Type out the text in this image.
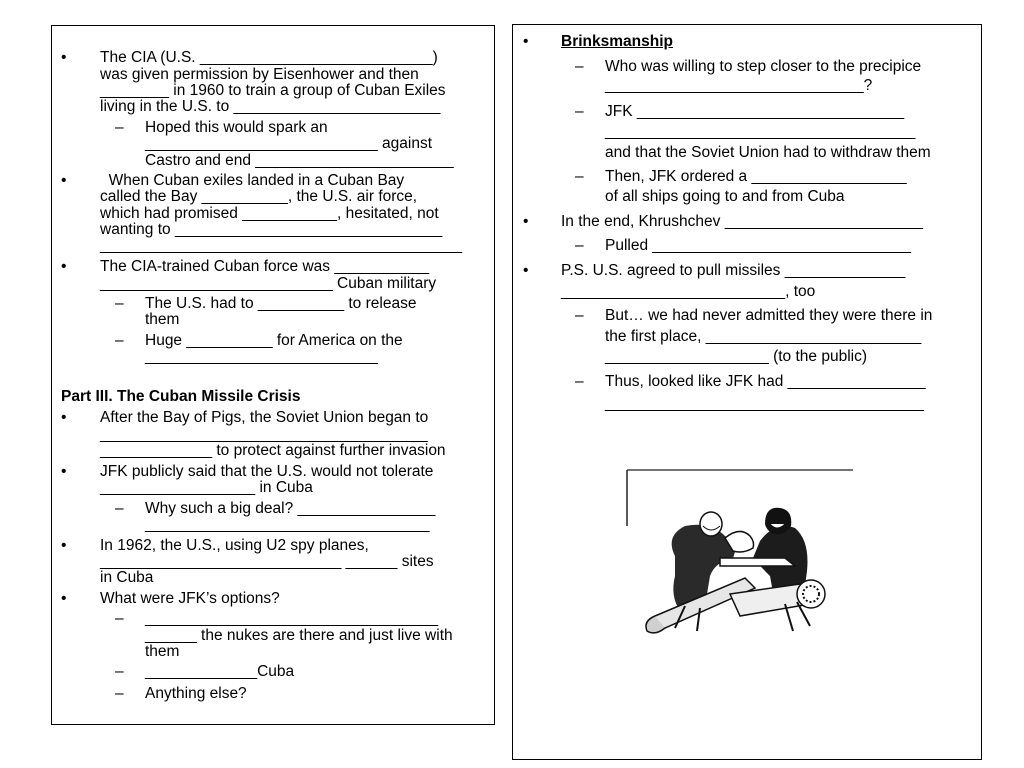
• The CIA (U.S. ___________________________)
was given permission by Eisenhower and then
________ in 1960 to train a group of Cuban Exiles
living in the U.S. to ________________________
– Hoped this would spark an
___________________________ against
Castro and end _______________________
• When Cuban exiles landed in a Cuban Bay
called the Bay __________, the U.S. air force,
which had promised ___________, hesitated, not
wanting to _______________________________
__________________________________________
• The CIA-trained Cuban force was ___________
___________________________ Cuban military
– The U.S. had to __________ to release
them
– Huge __________ for America on the
___________________________
Part III. The Cuban Missile Crisis
• After the Bay of Pigs, the Soviet Union began to
______________________________________
_____________ to protect against further invasion
• JFK publicly said that the U.S. would not tolerate
__________________ in Cuba
– Why such a big deal? ________________
_________________________________
• In 1962, the U.S., using U2 spy planes,
____________________________ ______ sites
in Cuba
• What were JFK’s options?
– __________________________________
______ the nukes are there and just live with
them
– _____________Cuba
– Anything else?
• Brinksmanship
– Who was willing to step closer to the precipice
______________________________?
– JFK _______________________________
____________________________________
and that the Soviet Union had to withdraw them
– Then, JFK ordered a __________________
of all ships going to and from Cuba
• In the end, Khrushchev _______________________
– Pulled ______________________________
• P.S. U.S. agreed to pull missiles ______________
__________________________, too
– But… we had never admitted they were there in
the first place, _________________________
___________________ (to the public)
– Thus, looked like JFK had ________________
_____________________________________
